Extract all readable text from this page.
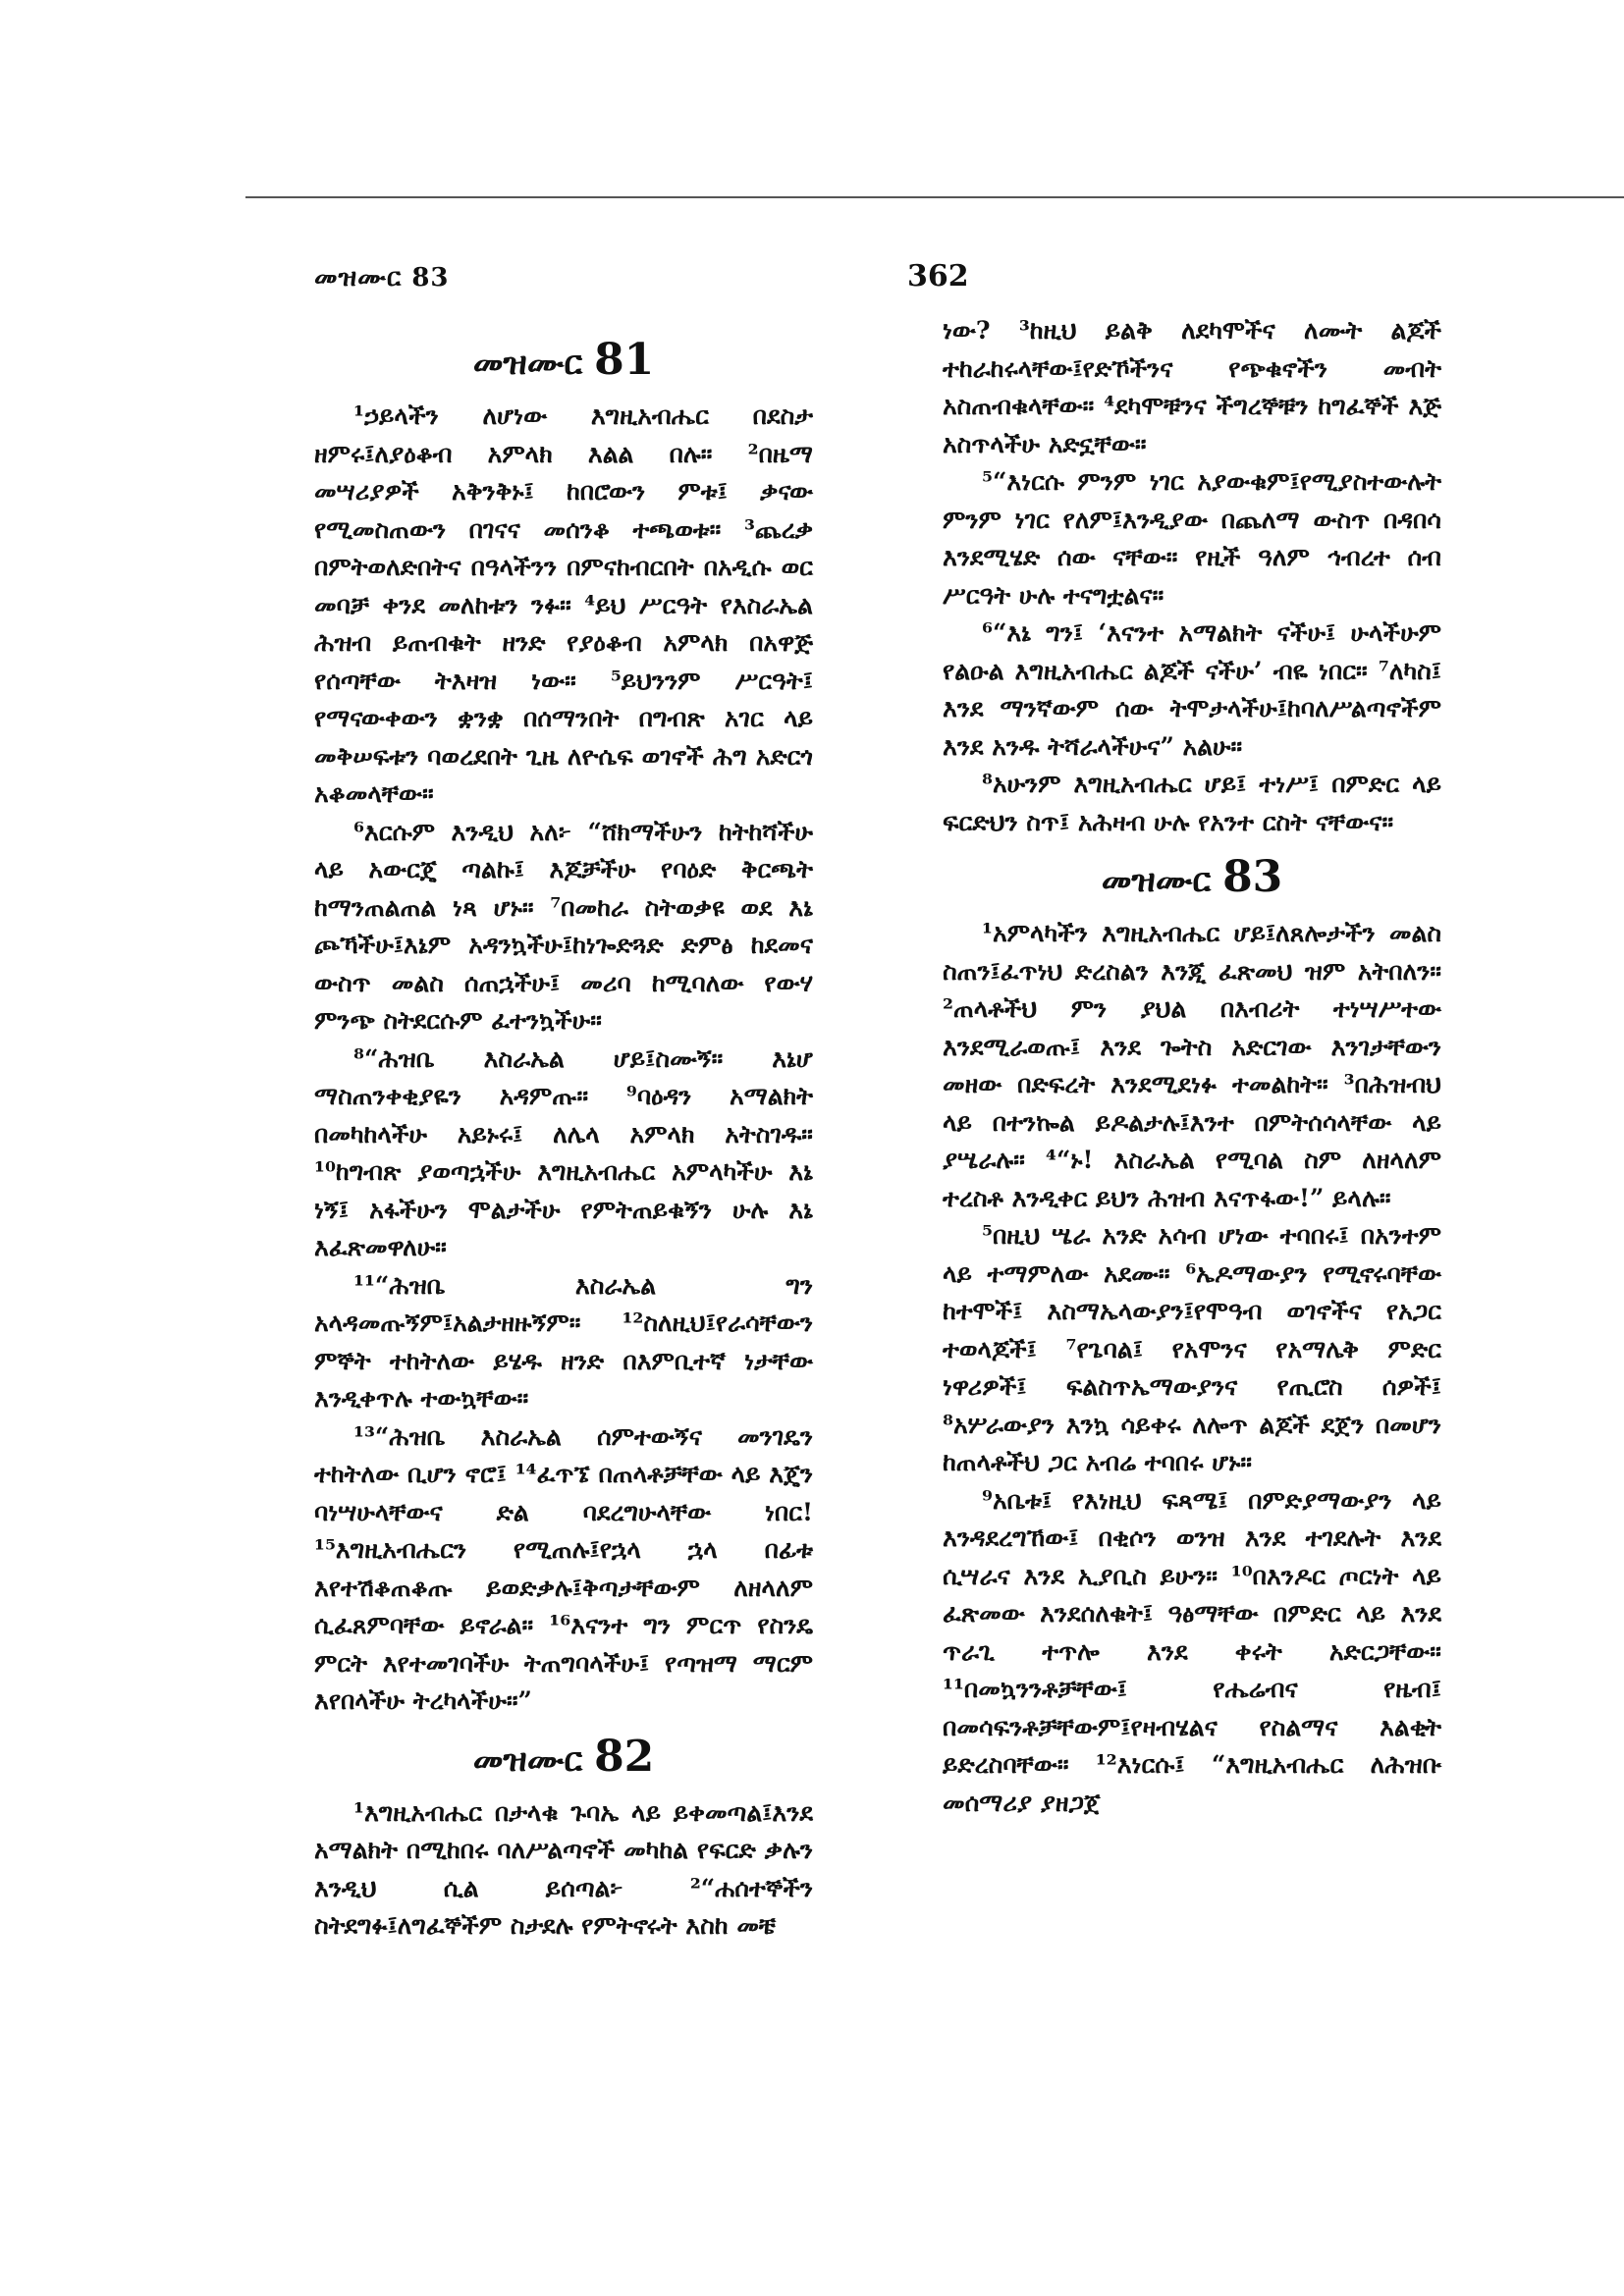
መዝሙር 83	362
መዝሙር 81

¹ኃይላችን ለሆነው እግዚአብሔር በደስታ ዘምሩ፤ለያዕቆብ አምላክ እልል በሉ። ²በዜማ መሣሪያዎች አቅንቅኑ፤ ከበሮውን ምቱ፤ ቃናው የሚመስጠውን በገናና መሰንቆ ተጫወቱ። ³ጨረቃ በምትወለድበትና በዓላችንን በምናከብርበት በአዲሱ ወር መባቻ ቀንደ መለከቱን ንፉ። ⁴ይህ ሥርዓት የእስራኤል ሕዝብ ይጠብቁት ዘንድ የያዕቆብ አምላክ በአዋጅ የሰጣቸው ትእዛዝ ነው። ⁵ይህንንም ሥርዓት፤ የማናውቀውን ቋንቋ በሰማንበት በግብጽ አገር ላይ መቅሠፍቱን ባወረደበት ጊዜ ለዮሴፍ ወገኖች ሕግ አድርጎ አቆመላቸው።

⁶እርሱም እንዲህ አለ፦ “ሸክማችሁን ከትከሻችሁ ላይ አውርጄ ጣልኩ፤ እጆቻችሁ የባዕድ ቅርጫት ከማንጠልጠል ነጻ ሆኑ። ⁷በመከራ ስትወቃዩ ወደ እኔ ጮኻችሁ፤እኔም አዳንኳችሁ፤ከነጐድጓድ ድምፅ ከደመና ውስጥ መልስ ሰጠኋችሁ፤ መሪባ ከሚባለው የውሃ ምንጭ ስትደርሱም ፈተንኳችሁ።

⁸“ሕዝቤ እስራኤል ሆይ፤ስሙኝ። እኔሆ ማስጠንቀቂያዬን አዳምጡ። ⁹ባዕዳን አማልክት በመካከላችሁ አይኑሩ፤ ለሌላ አምላክ አትስገዱ። ¹⁰ከግብጽ ያወጣኋችሁ እግዚአብሔር አምላካችሁ እኔ ነኝ፤ አፋችሁን ሞልታችሁ የምትጠይቁኝን ሁሉ እኔ እፈጽመዋለሁ።

¹¹“ሕዝቤ እስራኤል ግን አላዳመጡኝም፤አልታዘዙኝም። ¹²ስለዚህ፤የራሳቸውን ምኞት ተከትለው ይሄዱ ዘንድ በእምቢተኛ ነታቸው እንዲቀጥሉ ተውኳቸው።

¹³“ሕዝቤ እስራኤል ሰምተውኝና መንገዴን ተከትለው ቢሆን ኖሮ፤ ¹⁴ፈጥኜ በጠላቶቻቸው ላይ እጄን ባነሣሁላቸውና ድል ባደረግሁላቸው ነበር! ¹⁵እግዚአብሔርን የሚጠሉ፤የኋላ ኋላ በፊቱ እየተሽቆጠቆጡ ይወድቃሉ፤ቅጣታቸውም ለዘላለም ሲፈጸምባቸው ይኖራል። ¹⁶እናንተ ግን ምርጥ የስንዴ ምርት እየተመገባችሁ ትጠግባላችሁ፤ የጣዝማ ማርም እየበላችሁ ትረካላችሁ።”

መዝሙር 82

¹እግዚአብሔር በታላቁ ጉባኤ ላይ ይቀመጣል፤እንደ አማልክት በሚከበሩ ባለሥልጣኖች መካከል የፍርድ ቃሉን እንዲህ ሲል ይሰጣል፦ ²“ሐሰተኞችን ስትደግፉ፤ለግፈኞችም ስታደሉ የምትኖሩት እስከ መቼ

ነው? ³ከዚህ ይልቅ ለደካሞችና ለሙት ልጆች ተከራከሩላቸው፤የድኾችንና የጭቁኖችን መብት አስጠብቁላቸው። ⁴ደካሞቹንና ችግረኞቹን ከግፈኞች እጅ አስጥላችሁ አድኗቸው።

⁵“እነርሱ ምንም ነገር አያውቁም፤የሚያስተውሉት ምንም ነገር የለም፤እንዲያው በጨለማ ውስጥ በዳበሳ እንደሚሄድ ሰው ናቸው። የዚች ዓለም ኅብረተ ሰብ ሥርዓት ሁሉ ተናግቷልና።

⁶“እኔ ግን፤ ‘እናንተ አማልክት ናችሁ፤ ሁላችሁም የልዑል እግዚአብሔር ልጆች ናችሁ’ ብዬ ነበር። ⁷ለካስ፤ እንደ ማንኛውም ሰው ትሞታላችሁ፤ከባለሥልጣኖችም እንደ አንዱ ትሻራላችሁና” አልሁ።

⁸አሁንም እግዚአብሔር ሆይ፤ ተነሥ፤ በምድር ላይ ፍርድህን ስጥ፤ አሕዛብ ሁሉ የአንተ ርስት ናቸውና።

መዝሙር 83

¹አምላካችን እግዚአብሔር ሆይ፤ለጸሎታችን መልስ ስጠን፤ፈጥነህ ድረስልን እንጂ ፈጽመህ ዝም አትበለን። ²ጠላቶችህ ምን ያህል በእብሪት ተነሣሥተው እንደሚራወጡ፤ እንደ ጐትስ አድርገው እንገታቸውን መዘው በድፍረት እንደሚደነፉ ተመልከት። ³በሕዝብህ ላይ በተንኰል ይዶልታሉ፤እንተ በምትሰሳላቸው ላይ ያሤራሉ። ⁴“ኑ! እስራኤል የሚባል ስም ለዘላለም ተረስቶ እንዲቀር ይህን ሕዝብ እናጥፋው!” ይላሉ።

⁵በዚህ ሤራ አንድ አሳብ ሆነው ተባበሩ፤ በአንተም ላይ ተማምለው አደሙ። ⁶ኤዶማውያን የሚኖሩባቸው ከተሞች፤ እስማኤላውያን፤የሞዓብ ወገኖችና የአጋር ተወላጆች፤ ⁷የጌባል፤ የአሞንና የአማሌቅ ምድር ነዋሪዎች፤ ፍልስጥኤማውያንና የጢሮስ ሰዎች፤ ⁸አሦራውያን እንኳ ሳይቀሩ ለሎጥ ልጆች ደጀን በመሆን ከጠላቶችህ ጋር አብሬ ተባበሩ ሆኑ።

⁹አቤቱ፤ የእነዚህ ፍጻሜ፤ በምድያማውያን ላይ እንዳደረግኸው፤ በቂሶን ወንዝ እንደ ተገደሉት እንደ ሲሣራና እንደ ኢያቢስ ይሁን። ¹⁰በእንዶር ጦርነት ላይ ፈጽመው እንደሰለቁት፤ ዓፅማቸው በምድር ላይ እንደ ጥራጊ ተጥሎ እንደ ቀሩት አድርጋቸው። ¹¹በመኳንንቶቻቸው፤ የሔሬብና የዜብ፤ በመሳፍንቶቻቸውም፤የዛብሄልና የስልማና እልቂት ይድረስባቸው። ¹²እነርሱ፤ “እግዚአብሔር ለሕዝቡ መሰማሪያ ያዘጋጀ
